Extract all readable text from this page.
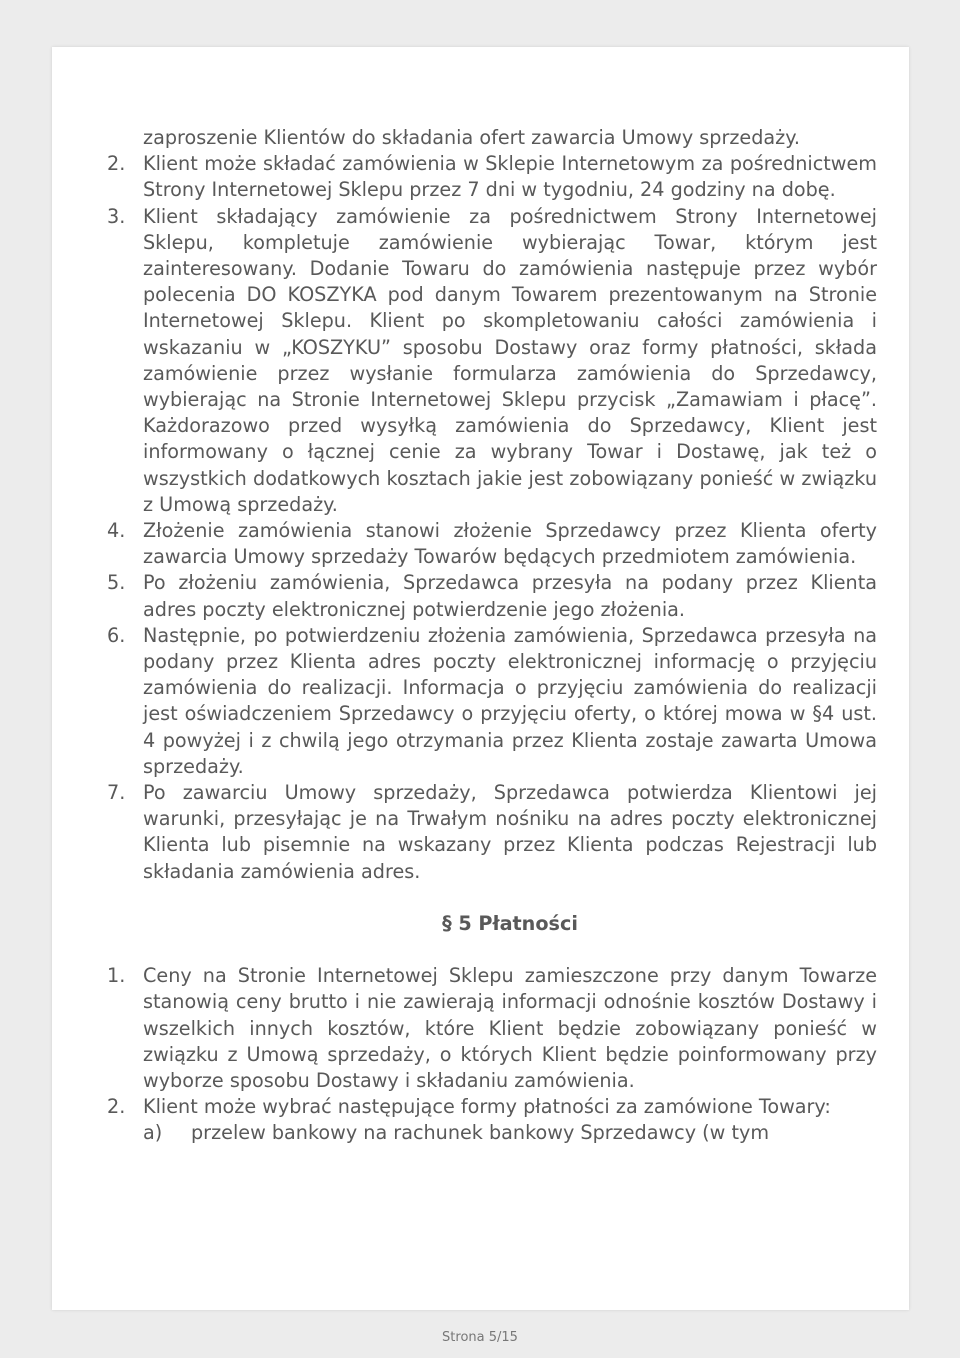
zaproszenie Klientów do składania ofert zawarcia Umowy sprzedaży.
2. Klient może składać zamówienia w Sklepie Internetowym za pośrednictwem Strony Internetowej Sklepu przez 7 dni w tygodniu, 24 godziny na dobę.
3. Klient składający zamówienie za pośrednictwem Strony Internetowej Sklepu, kompletuje zamówienie wybierając Towar, którym jest zainteresowany. Dodanie Towaru do zamówienia następuje przez wybór polecenia DO KOSZYKA pod danym Towarem prezentowanym na Stronie Internetowej Sklepu. Klient po skompletowaniu całości zamówienia i wskazaniu w „KOSZYKU” sposobu Dostawy oraz formy płatności, składa zamówienie przez wysłanie formularza zamówienia do Sprzedawcy, wybierając na Stronie Internetowej Sklepu przycisk „Zamawiam i płacę”. Każdorazowo przed wysyłką zamówienia do Sprzedawcy, Klient jest informowany o łącznej cenie za wybrany Towar i Dostawę, jak też o wszystkich dodatkowych kosztach jakie jest zobowiązany ponieść w związku z Umową sprzedaży.
4. Złożenie zamówienia stanowi złożenie Sprzedawcy przez Klienta oferty zawarcia Umowy sprzedaży Towarów będących przedmiotem zamówienia.
5. Po złożeniu zamówienia, Sprzedawca przesyła na podany przez Klienta adres poczty elektronicznej potwierdzenie jego złożenia.
6. Następnie, po potwierdzeniu złożenia zamówienia, Sprzedawca przesyła na podany przez Klienta adres poczty elektronicznej informację o przyjęciu zamówienia do realizacji. Informacja o przyjęciu zamówienia do realizacji jest oświadczeniem Sprzedawcy o przyjęciu oferty, o której mowa w §4 ust. 4 powyżej i z chwilą jego otrzymania przez Klienta zostaje zawarta Umowa sprzedaży.
7. Po zawarciu Umowy sprzedaży, Sprzedawca potwierdza Klientowi jej warunki, przesyłając je na Trwałym nośniku na adres poczty elektronicznej Klienta lub pisemnie na wskazany przez Klienta podczas Rejestracji lub składania zamówienia adres.
§ 5 Płatności
1. Ceny na Stronie Internetowej Sklepu zamieszczone przy danym Towarze stanowią ceny brutto i nie zawierają informacji odnośnie kosztów Dostawy i wszelkich innych kosztów, które Klient będzie zobowiązany ponieść w związku z Umową sprzedaży, o których Klient będzie poinformowany przy wyborze sposobu Dostawy i składaniu zamówienia.
2. Klient może wybrać następujące formy płatności za zamówione Towary:
a)	przelew bankowy na rachunek bankowy Sprzedawcy (w tym
Strona 5/15
